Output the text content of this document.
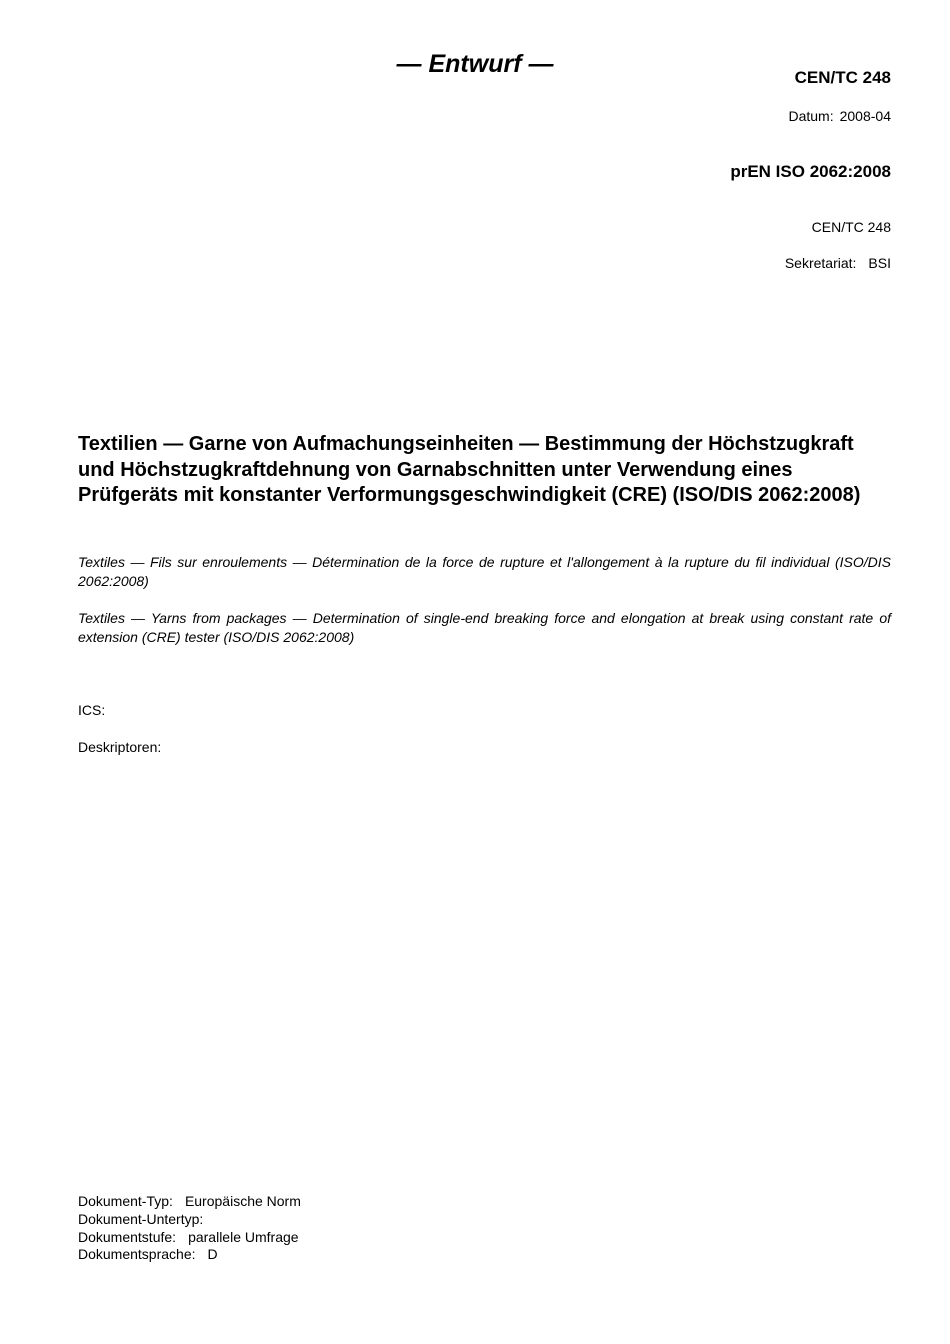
— Entwurf —	CEN/TC 248
Datum: 2008-04
prEN ISO 2062:2008
CEN/TC 248
Sekretariat: BSI
Textilien — Garne von Aufmachungseinheiten — Bestimmung der Höchstzugkraft und Höchstzugkraftdehnung von Garnabschnitten unter Verwendung eines Prüfgeräts mit konstanter Verformungsgeschwindigkeit (CRE) (ISO/DIS 2062:2008)
Textiles — Fils sur enroulements — Détermination de la force de rupture et l'allongement à la rupture du fil individual (ISO/DIS 2062:2008)
Textiles — Yarns from packages — Determination of single-end breaking force and elongation at break using constant rate of extension (CRE) tester (ISO/DIS 2062:2008)
ICS:
Deskriptoren:
Dokument-Typ: Europäische Norm
Dokument-Untertyp:
Dokumentstufe: parallele Umfrage
Dokumentsprache: D
